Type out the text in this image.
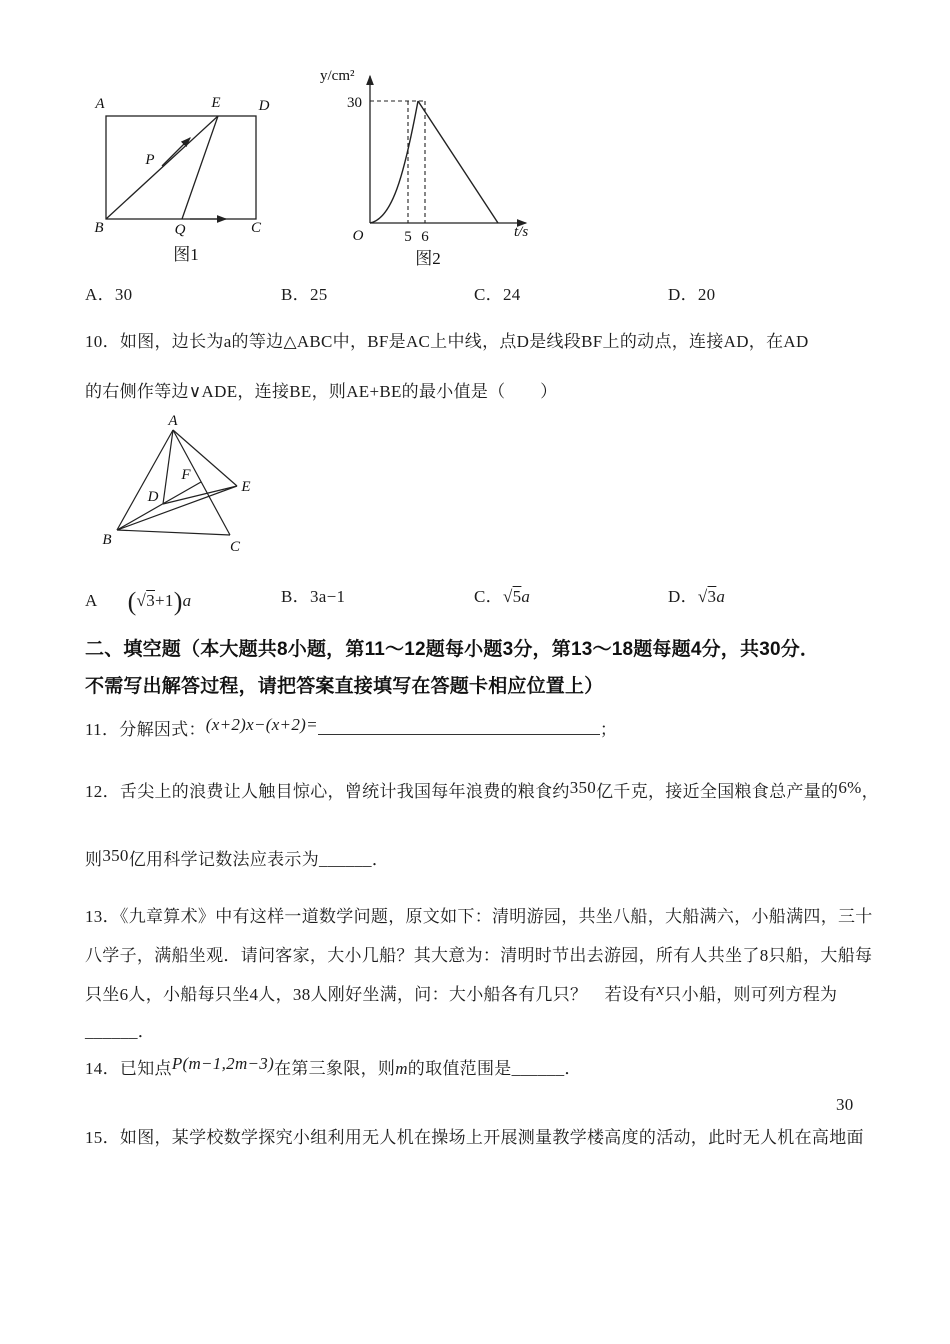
A	E	D
P
B	Q	C
图1
y/cm²
30
O	5 6	t/s
图2
A．30	B．25	C．24	D．20
10．如图，边长为a的等边△ABC中，BF是AC上中线，点D是线段BF上的动点，连接AD，在AD
的右侧作等边∨ADE，连接BE，则AE+BE的最小值是（　　）
A
B	C
D
E
F
A (√3+1)a	B．3a−1	C．√5a	D．√3a
二、填空题（本大题共8小题，第11～12题每小题3分，第13～18题每题4分，共30分．
不需写出解答过程，请把答案直接填写在答题卡相应位置上）
11．分解因式：(x+2)x−(x+2)=	；
12．舌尖上的浪费让人触目惊心，曾统计我国每年浪费的粮食约350亿千克，接近全国粮食总产量的6%，
则350亿用科学记数法应表示为______．
13．《九章算术》中有这样一道数学问题，原文如下：清明游园，共坐八船，大船满六，小船满四，三十
八学子，满船坐观．请问客家，大小几船？其大意为：清明时节出去游园，所有人共坐了8只船，大船每
只坐6人，小船每只坐4人，38人刚好坐满，问：大小船各有几只？　若设有x只小船，则可列方程为
______．
14．已知点P(m−1,2m−3)在第三象限，则m的取值范围是______．
30
15．如图，某学校数学探究小组利用无人机在操场上开展测量教学楼高度的活动，此时无人机在高地面
